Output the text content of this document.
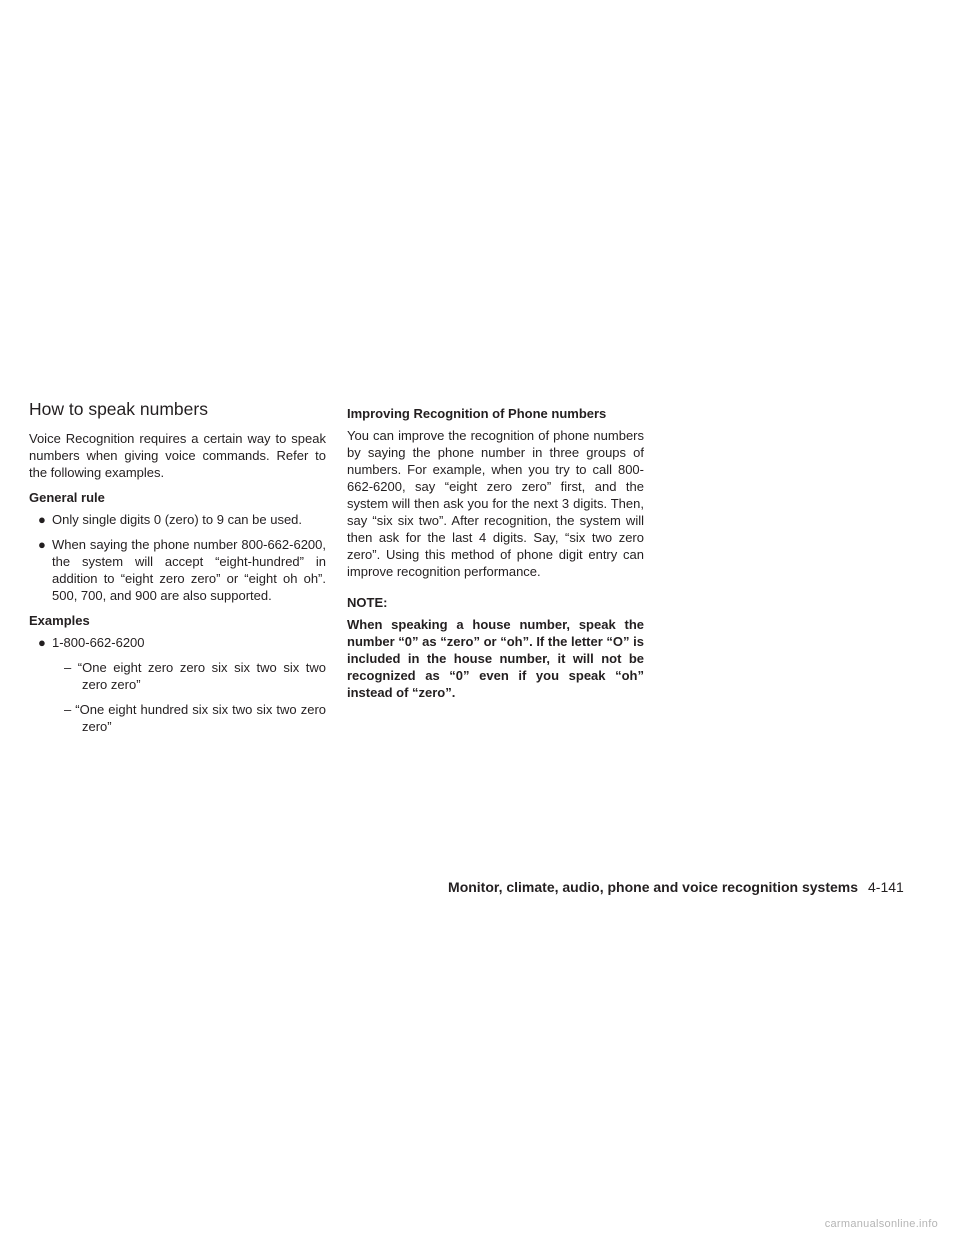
How to speak numbers

Voice Recognition requires a certain way to speak numbers when giving voice commands. Refer to the following examples.

General rule
● Only single digits 0 (zero) to 9 can be used.
● When saying the phone number 800-662-6200, the system will accept “eight-hundred” in addition to “eight zero zero” or “eight oh oh”. 500, 700, and 900 are also supported.
Examples
● 1-800-662-6200
– “One eight zero zero six six two six two zero zero”
– “One eight hundred six six two six two zero zero”
Improving Recognition of Phone numbers

You can improve the recognition of phone numbers by saying the phone number in three groups of numbers. For example, when you try to call 800-662-6200, say “eight zero zero” first, and the system will then ask you for the next 3 digits. Then, say “six six two”. After recognition, the system will then ask for the last 4 digits. Say, “six two zero zero”. Using this method of phone digit entry can improve recognition performance.

NOTE:

When speaking a house number, speak the number “0” as “zero” or “oh”. If the letter “O” is included in the house number, it will not be recognized as “0” even if you speak “oh” instead of “zero”.

Monitor, climate, audio, phone and voice recognition systems 4-141
carmanualsonline.info
